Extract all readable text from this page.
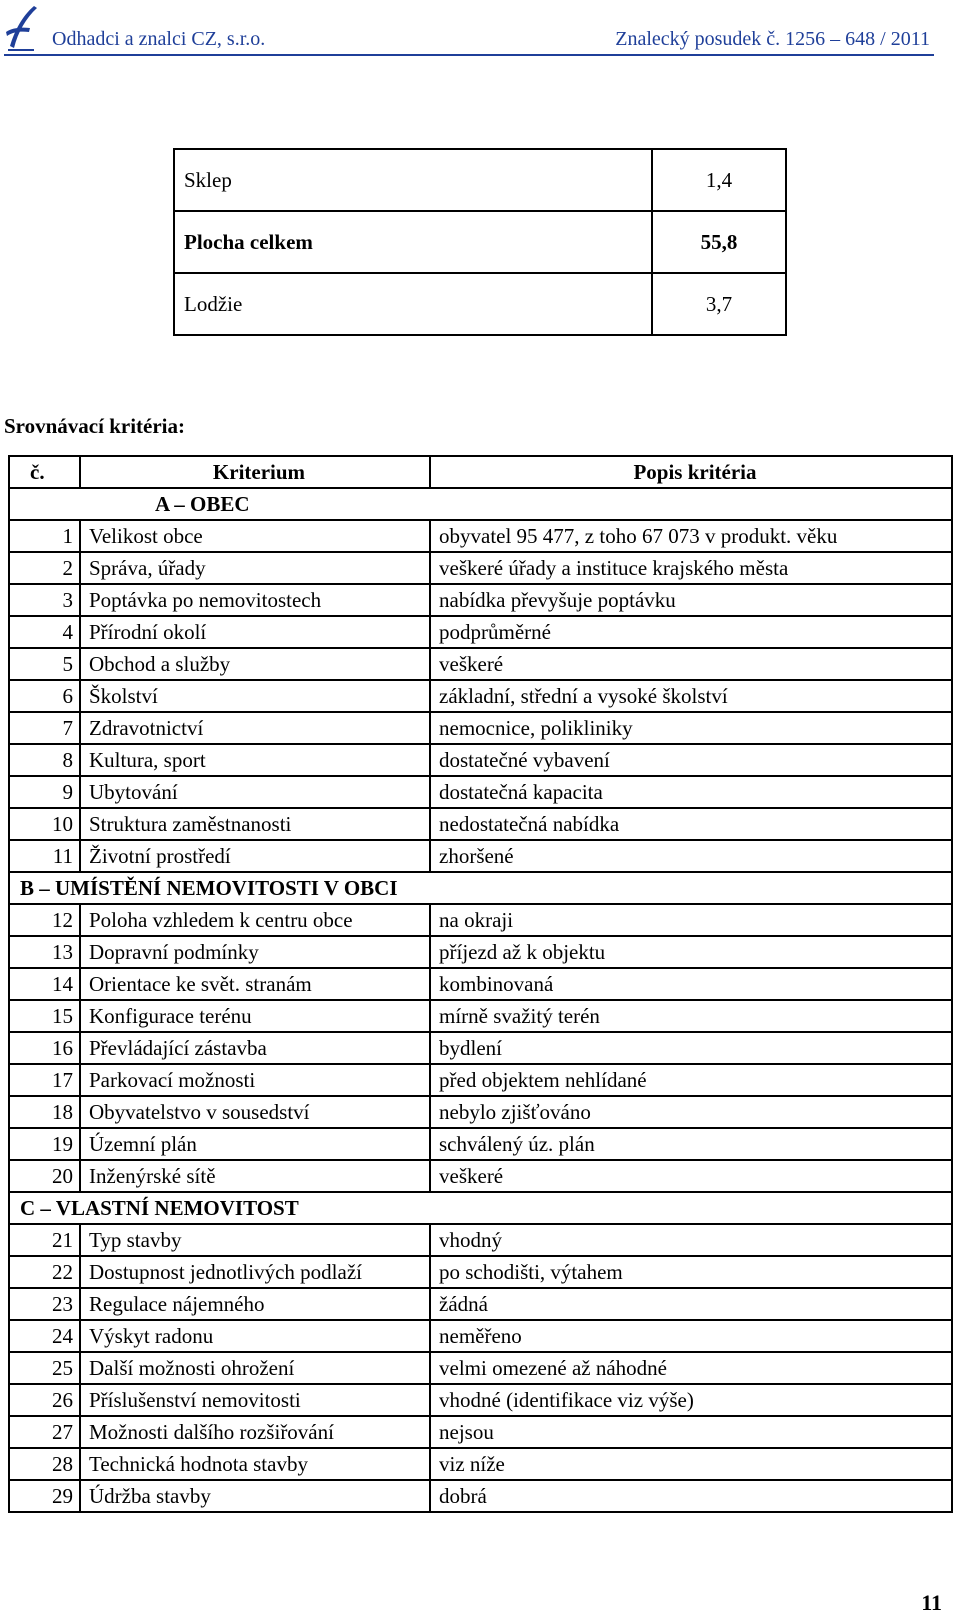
Odhadci a znalci CZ, s.r.o.	Znalecký posudek č. 1256 – 648 / 2011
Sklep	1,4
Plocha celkem	55,8
Lodžie	3,7
Srovnávací kritéria:
č.	Kriterium	Popis kritéria
A – OBEC		
1	Velikost obce	obyvatel 95 477, z toho 67 073 v produkt. věku
2	Správa, úřady	veškeré úřady a instituce krajského města
3	Poptávka po nemovitostech	nabídka převyšuje poptávku
4	Přírodní okolí	podprůměrné
5	Obchod a služby	veškeré
6	Školství	základní, střední a vysoké školství
7	Zdravotnictví	nemocnice, polikliniky
8	Kultura, sport	dostatečné vybavení
9	Ubytování	dostatečná kapacita
10	Struktura zaměstnanosti	nedostatečná nabídka
11	Životní prostředí	zhoršené
B – UMÍSTĚNÍ NEMOVITOSTI V OBCI		
12	Poloha vzhledem k centru obce	na okraji
13	Dopravní podmínky	příjezd až k objektu
14	Orientace ke svět. stranám	kombinovaná
15	Konfigurace terénu	mírně svažitý terén
16	Převládající zástavba	bydlení
17	Parkovací možnosti	před objektem nehlídané
18	Obyvatelstvo v sousedství	nebylo zjišťováno
19	Územní plán	schválený úz. plán
20	Inženýrské sítě	veškeré
C – VLASTNÍ NEMOVITOST		
21	Typ stavby	vhodný
22	Dostupnost jednotlivých podlaží	po schodišti, výtahem
23	Regulace nájemného	žádná
24	Výskyt radonu	neměřeno
25	Další možnosti ohrožení	velmi omezené až náhodné
26	Příslušenství nemovitosti	vhodné (identifikace viz výše)
27	Možnosti dalšího rozšiřování	nejsou
28	Technická hodnota stavby	viz níže
29	Údržba stavby	dobrá
11
